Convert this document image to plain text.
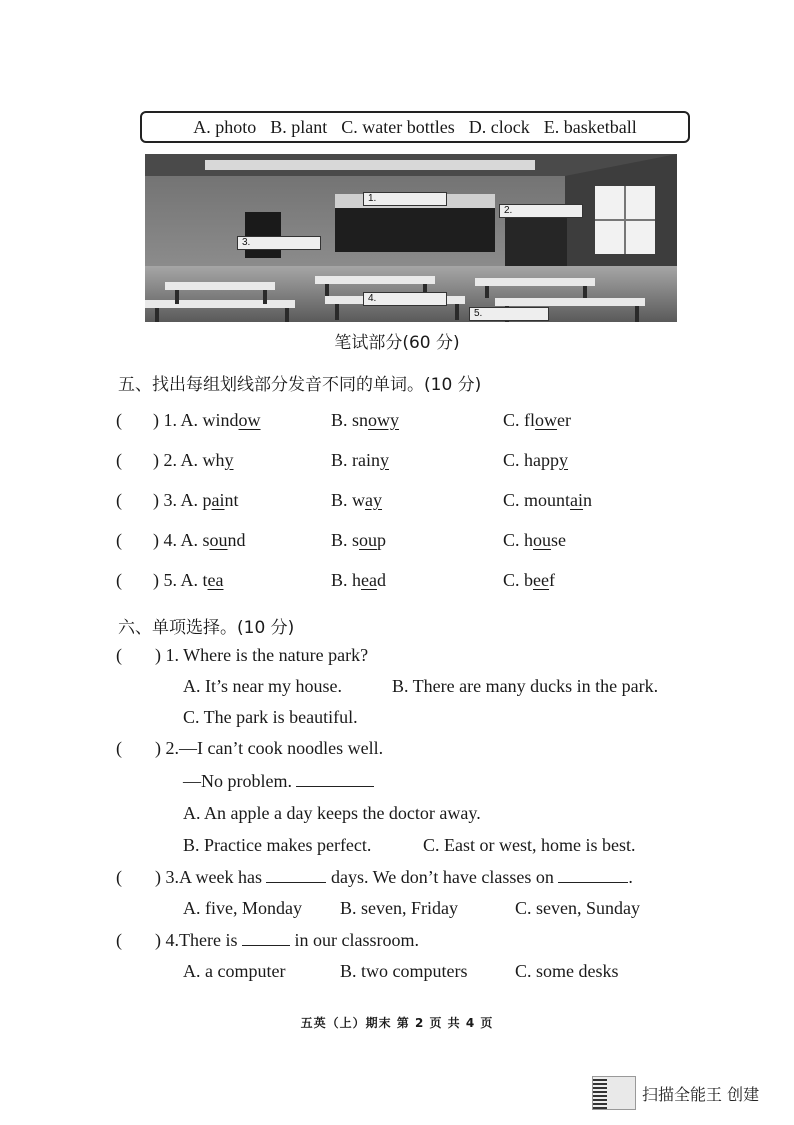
A. photo B. plant C. water bottles D. clock E. basketball
1.
2.
3.
4.
5.
笔试部分(60 分)
五、找出每组划线部分发音不同的单词。(10 分)
( ) 1. A. window	B. snowy	C. flower
( ) 2. A. why	B. rainy	C. happy
( ) 3. A. paint	B. way	C. mountain
( ) 4. A. sound	B. soup	C. house
( ) 5. A. tea	B. head	C. beef
六、单项选择。(10 分)
( ) 1. Where is the nature park?
A. It’s near my house.	B. There are many ducks in the park.
C. The park is beautiful.
( ) 2.—I can’t cook noodles well.
—No problem.
A. An apple a day keeps the doctor away.
B. Practice makes perfect.	C. East or west, home is best.
( ) 3.A week has	days. We don’t have classes on	.
A. five, Monday B. seven, Friday	C. seven, Sunday
( ) 4.There is	in our classroom.
A. a computer	B. two computers	C. some desks
五英（上）期末 第 2 页 共 4 页
扫描全能王 创建
